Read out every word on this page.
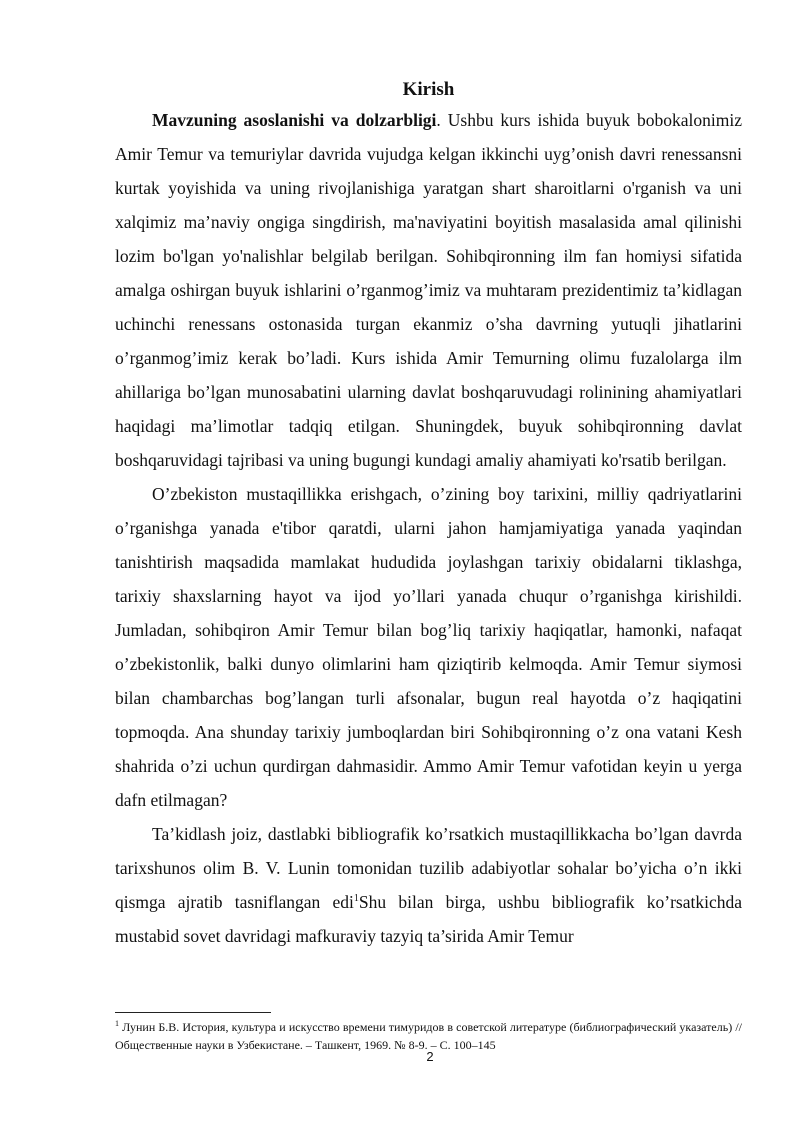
Kirish

Mavzuning asoslanishi va dolzarbligi. Ushbu kurs ishida buyuk bobokalonimiz Amir Temur va temuriylar davrida vujudga kelgan ikkinchi uyg’onish davri renessansni kurtak yoyishida va uning rivojlanishiga yaratgan shart sharoitlarni o'rganish va uni xalqimiz ma’naviy ongiga singdirish, ma'naviyatini boyitish masalasida amal qilinishi lozim bo'lgan yo'nalishlar belgilab berilgan. Sohibqironning ilm fan homiysi sifatida amalga oshirgan buyuk ishlarini o’rganmog’imiz va muhtaram prezidentimiz ta’kidlagan uchinchi renessans ostonasida turgan ekanmiz o’sha davrning yutuqli jihatlarini o’rganmog’imiz kerak bo’ladi. Kurs ishida Amir Temurning olimu fuzalolarga ilm ahillariga bo’lgan munosabatini ularning davlat boshqaruvudagi rolinining ahamiyatlari haqidagi ma’limotlar tadqiq etilgan. Shuningdek, buyuk sohibqironning davlat boshqaruvidagi tajribasi va uning bugungi kundagi amaliy ahamiyati ko'rsatib berilgan.

O’zbekiston mustaqillikka erishgach, o’zining boy tarixini, milliy qadriyatlarini o’rganishga yanada e'tibor qaratdi, ularni jahon hamjamiyatiga yanada yaqindan tanishtirish maqsadida mamlakat hududida joylashgan tarixiy obidalarni tiklashga, tarixiy shaxslarning hayot va ijod yo’llari yanada chuqur o’rganishga kirishildi. Jumladan, sohibqiron Amir Temur bilan bog’liq tarixiy haqiqatlar, hamonki, nafaqat o’zbekistonlik, balki dunyo olimlarini ham qiziqtirib kelmoqda. Amir Temur siymosi bilan chambarchas bog’langan turli afsonalar, bugun real hayotda o’z haqiqatini topmoqda. Ana shunday tarixiy jumboqlardan biri Sohibqironning o’z ona vatani Kesh shahrida o’zi uchun qurdirgan dahmasidir. Ammo Amir Temur vafotidan keyin u yerga dafn etilmagan?

Ta’kidlash joiz, dastlabki bibliografik ko’rsatkich mustaqillikkacha bo’lgan davrda tarixshunos olim B. V. Lunin tomonidan tuzilib adabiyotlar sohalar bo’yicha o’n ikki qismga ajratib tasniflangan edi$^1$Shu bilan birga, ushbu bibliografik ko’rsatkichda mustabid sovet davridagi mafkuraviy tazyiq ta’sirida Amir Temur

$^1$ Лунин Б.В. История, культура и искусство времени тимуридов в советской литературе (библиографический указатель) // Общественные науки в Узбекистане. – Ташкент, 1969. № 8-9. – С. 100–145
2
